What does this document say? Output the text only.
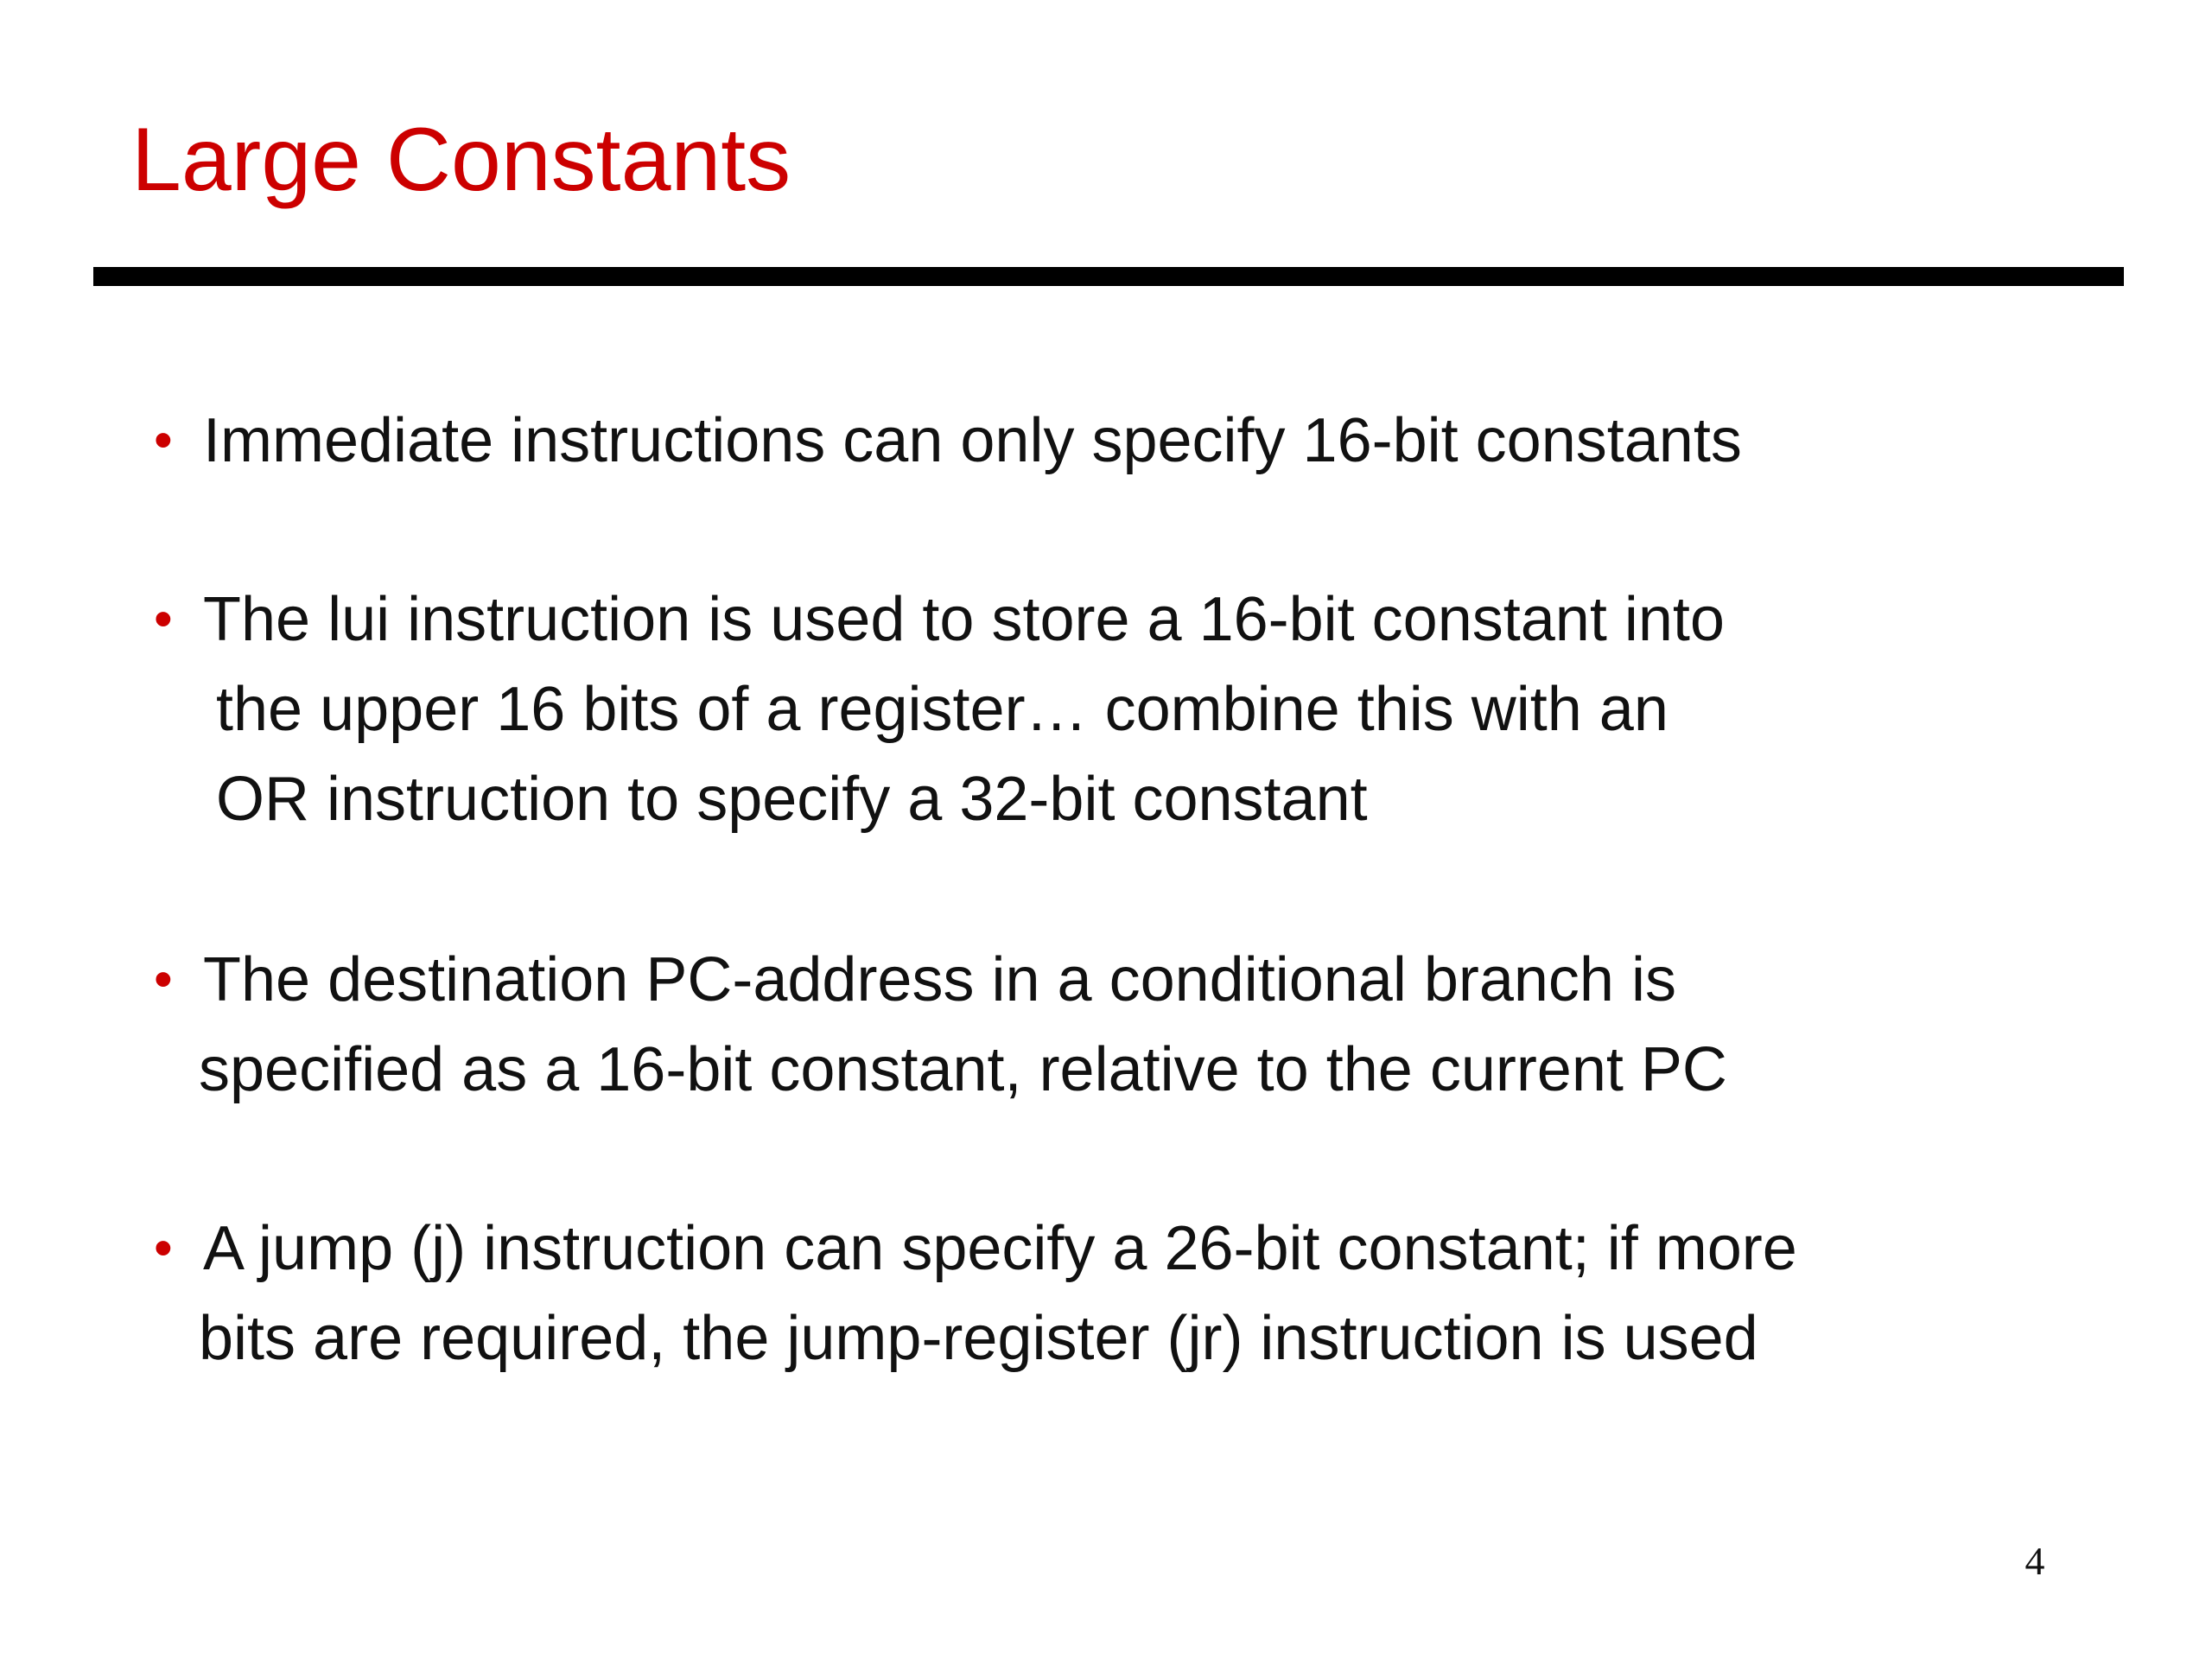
Large Constants
• Immediate instructions can only specify 16-bit constants
• The lui instruction is used to store a 16-bit constant into
the upper 16 bits of a register… combine this with an
OR instruction to specify a 32-bit constant
• The destination PC-address in a conditional branch is
specified as a 16-bit constant, relative to the current PC
• A jump (j) instruction can specify a 26-bit constant; if more
bits are required, the jump-register (jr) instruction is used
4
